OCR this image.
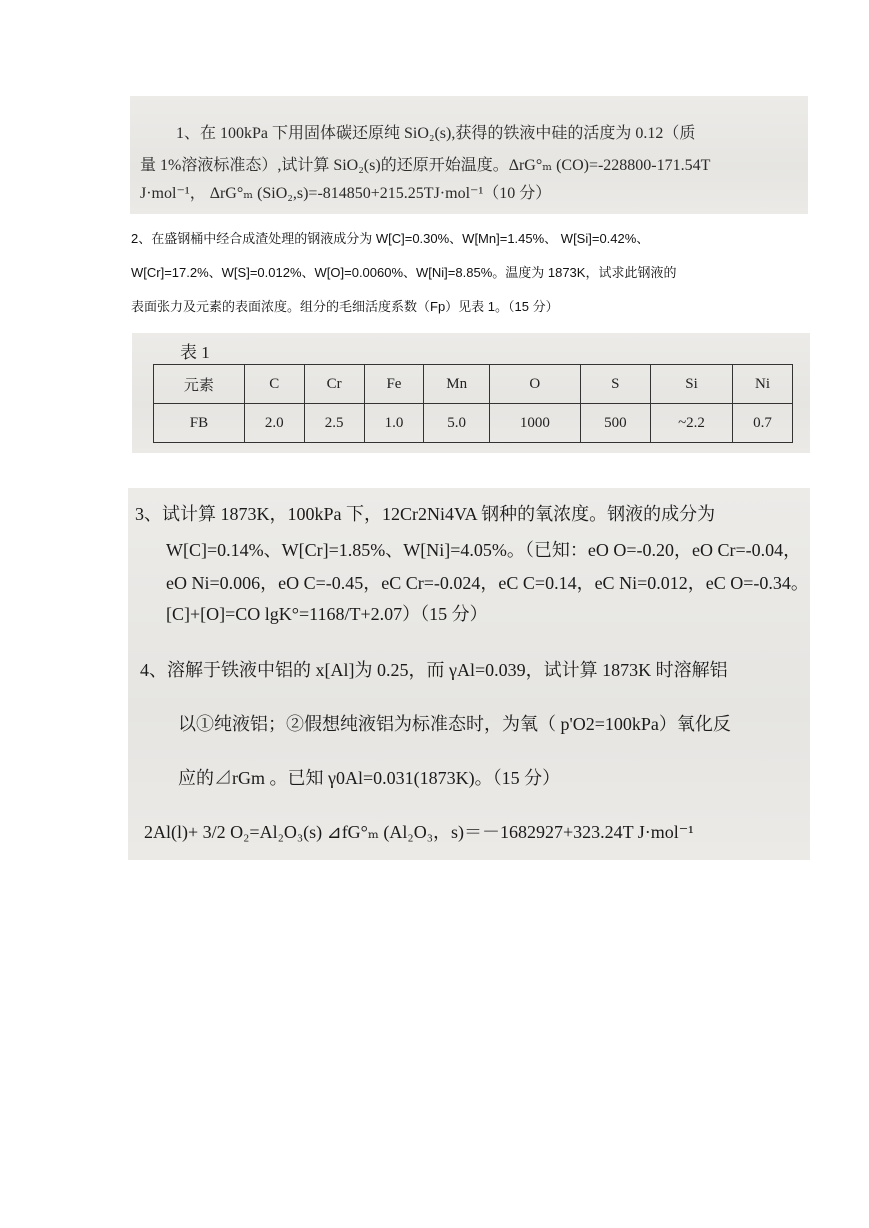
1、在 100kPa 下用固体碳还原纯 SiO₂(s),获得的铁液中硅的活度为 0.12（质
量 1%溶液标准态）,试计算 SiO₂(s)的还原开始温度。ΔrG°ₘ (CO)=-228800-171.54T
J·mol⁻¹， ΔrG°ₘ (SiO₂,s)=-814850+215.25TJ·mol⁻¹（10 分）
2、在盛钢桶中经合成渣处理的钢液成分为 W[C]=0.30%、W[Mn]=1.45%、 W[Si]=0.42%、
W[Cr]=17.2%、W[S]=0.012%、W[O]=0.0060%、W[Ni]=8.85%。温度为 1873K，试求此钢液的
表面张力及元素的表面浓度。组分的毛细活度系数（Fp）见表 1。（15 分）
表 1
元素	C	Cr	Fe	Mn	O	S	Si	Ni
FB	2.0	2.5	1.0	5.0	1000	500	~2.2	0.7
3、试计算 1873K，100kPa 下，12Cr2Ni4VA 钢种的氧浓度。钢液的成分为
W[C]=0.14%、W[Cr]=1.85%、W[Ni]=4.05%。（已知：eO O=-0.20，eO Cr=-0.04，
eO Ni=0.006，eO C=-0.45，eC Cr=-0.024，eC C=0.14，eC Ni=0.012，eC O=-0.34。
[C]+[O]=CO lgK°=1168/T+2.07）（15 分）
4、溶解于铁液中铝的 x[Al]为 0.25，而 γAl=0.039，试计算 1873K 时溶解铝
以①纯液铝；②假想纯液铝为标准态时，为氧（ p'O2=100kPa）氧化反
应的⊿rGm 。已知 γ0Al=0.031(1873K)。（15 分）
2Al(l)+ 3/2 O₂=Al₂O₃(s) ⊿fG°ₘ (Al₂O₃，s)＝－1682927+323.24T J·mol⁻¹
